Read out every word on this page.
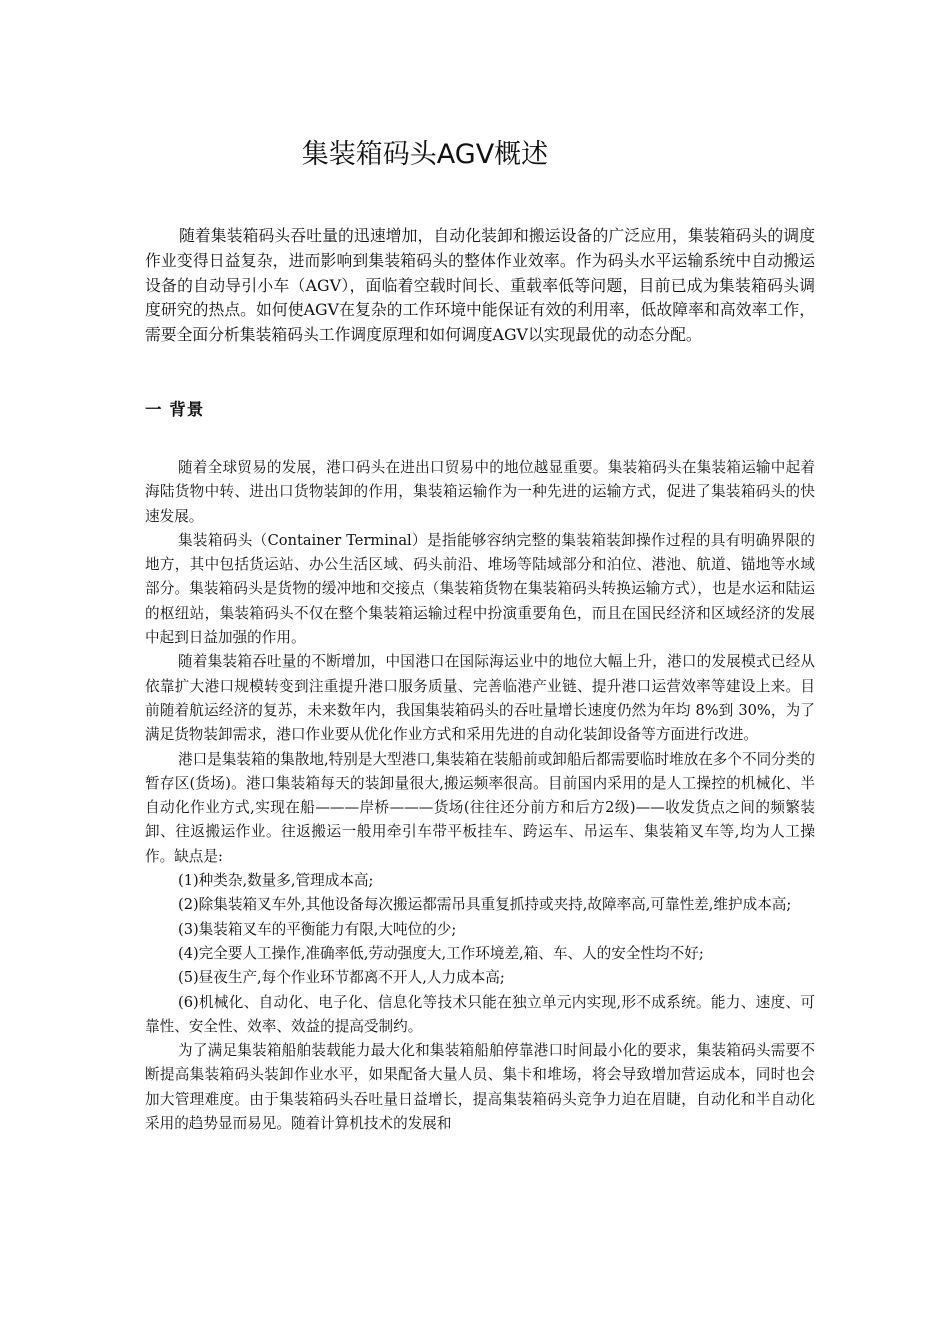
集装箱码头AGV概述

随着集装箱码头吞吐量的迅速增加，自动化装卸和搬运设备的广泛应用，集装箱码头的调度作业变得日益复杂，进而影响到集装箱码头的整体作业效率。作为码头水平运输系统中自动搬运设备的自动导引小车（AGV），面临着空载时间长、重载率低等问题，目前已成为集装箱码头调度研究的热点。如何使AGV在复杂的工作环境中能保证有效的利用率，低故障率和高效率工作，需要全面分析集装箱码头工作调度原理和如何调度AGV以实现最优的动态分配。

一 背景

随着全球贸易的发展，港口码头在进出口贸易中的地位越显重要。集装箱码头在集装箱运输中起着海陆货物中转、进出口货物装卸的作用，集装箱运输作为一种先进的运输方式，促进了集装箱码头的快速发展。

集装箱码头（Container Terminal）是指能够容纳完整的集装箱装卸操作过程的具有明确界限的地方，其中包括货运站、办公生活区域、码头前沿、堆场等陆域部分和泊位、港池、航道、锚地等水域部分。集装箱码头是货物的缓冲地和交接点（集装箱货物在集装箱码头转换运输方式），也是水运和陆运的枢纽站，集装箱码头不仅在整个集装箱运输过程中扮演重要角色，而且在国民经济和区域经济的发展中起到日益加强的作用。

随着集装箱吞吐量的不断增加，中国港口在国际海运业中的地位大幅上升，港口的发展模式已经从依靠扩大港口规模转变到注重提升港口服务质量、完善临港产业链、提升港口运营效率等建设上来。目前随着航运经济的复苏，未来数年内，我国集装箱码头的吞吐量增长速度仍然为年均 8%到 30%，为了满足货物装卸需求，港口作业要从优化作业方式和采用先进的自动化装卸设备等方面进行改进。

港口是集装箱的集散地,特别是大型港口,集装箱在装船前或卸船后都需要临时堆放在多个不同分类的暂存区(货场)。港口集装箱每天的装卸量很大,搬运频率很高。目前国内采用的是人工操控的机械化、半自动化作业方式,实现在船———岸桥———货场(往往还分前方和后方2级)——收发货点之间的频繁装卸、往返搬运作业。往返搬运一般用牵引车带平板挂车、跨运车、吊运车、集装箱叉车等,均为人工操作。缺点是:

(1)种类杂,数量多,管理成本高;

(2)除集装箱叉车外,其他设备每次搬运都需吊具重复抓持或夹持,故障率高,可靠性差,维护成本高;

(3)集装箱叉车的平衡能力有限,大吨位的少;

(4)完全要人工操作,准确率低,劳动强度大,工作环境差,箱、车、人的安全性均不好;

(5)昼夜生产,每个作业环节都离不开人,人力成本高;

(6)机械化、自动化、电子化、信息化等技术只能在独立单元内实现,形不成系统。能力、速度、可靠性、安全性、效率、效益的提高受制约。

为了满足集装箱船舶装载能力最大化和集装箱船舶停靠港口时间最小化的要求，集装箱码头需要不断提高集装箱码头装卸作业水平，如果配备大量人员、集卡和堆场，将会导致增加营运成本，同时也会加大管理难度。由于集装箱码头吞吐量日益增长，提高集装箱码头竞争力迫在眉睫，自动化和半自动化采用的趋势显而易见。随着计算机技术的发展和
